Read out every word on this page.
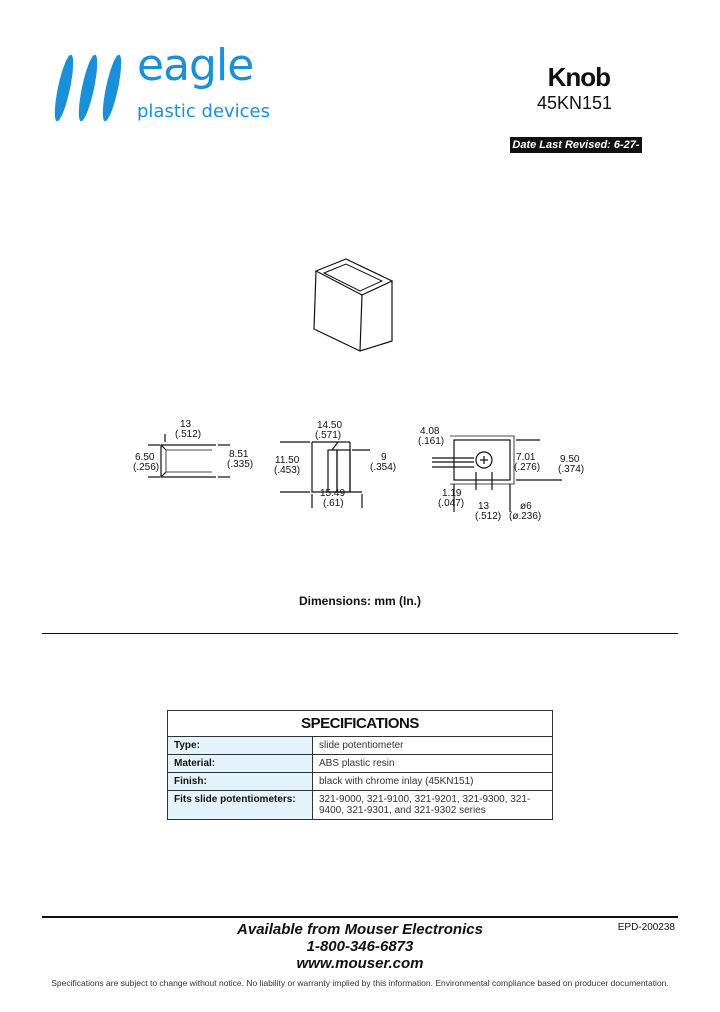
eagle
plastic devices
Knob
45KN151
Date Last Revised: 6-27-05
13
(.512)
6.50
(.256)
8.51
(.335)
14.50
(.571)
11.50
(.453)
9
(.354)
15.49
(.61)
4.08
(.161)
7.01
(.276)
9.50
(.374)
1.19
(.047) 13
(.512)
ø6
(ø.236)
Dimensions: mm (In.)
SPECIFICATIONS	
Type:	slide potentiometer
Material:	ABS plastic resin
Finish:	black with chrome inlay (45KN151)
Fits slide potentiometers:	321-9000, 321-9100, 321-9201, 321-9300, 321-9400, 321-9301, and 321-9302 series
Available from Mouser Electronics
1-800-346-6873
www.mouser.com
EPD-200238
Specifications are subject to change without notice. No liability or warranty implied by this information. Environmental compliance based on producer documentation.
